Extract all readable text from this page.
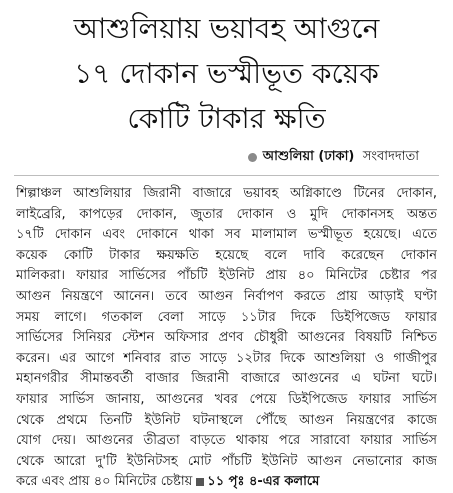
আশুলিয়ায় ভয়াবহ আগুনে
১৭ দোকান ভস্মীভূত কয়েক
কোটি টাকার ক্ষতি
আশুলিয়া (ঢাকা) সংবাদদাতা
শিল্পাঞ্চল আশুলিয়ার জিরানী বাজারে ভয়াবহ অগ্নিকাণ্ডে টিনের দোকান,
লাইব্রেরি, কাপড়ের দোকান, জুতার দোকান ও মুদি দোকানসহ অন্তত
১৭টি দোকান এবং দোকানে থাকা সব মালামাল ভস্মীভূত হয়েছে। এতে
কয়েক কোটি টাকার ক্ষয়ক্ষতি হয়েছে বলে দাবি করেছেন দোকান
মালিকরা। ফায়ার সার্ভিসের পাঁচটি ইউনিট প্রায় ৪০ মিনিটের চেষ্টার পর
আগুন নিয়ন্ত্রণে আনেন। তবে আগুন নির্বাপণ করতে প্রায় আড়াই ঘণ্টা
সময় লাগে। গতকাল বেলা সাড়ে ১১টার দিকে ডিইপিজেড ফায়ার
সার্ভিসের সিনিয়র স্টেশন অফিসার প্রণব চৌধুরী আগুনের বিষয়টি নিশ্চিত
করেন। এর আগে শনিবার রাত সাড়ে ১২টার দিকে আশুলিয়া ও গাজীপুর
মহানগরীর সীমান্তবর্তী বাজার জিরানী বাজারে আগুনের এ ঘটনা ঘটে।
ফায়ার সার্ভিস জানায়, আগুনের খবর পেয়ে ডিইপিজেড ফায়ার সার্ভিস
থেকে প্রথমে তিনটি ইউনিট ঘটনাস্থলে পৌঁছে আগুন নিয়ন্ত্রণের কাজে
যোগ দেয়। আগুনের তীব্রতা বাড়তে থাকায় পরে সারাবো ফায়ার সার্ভিস
থেকে আরো দু'টি ইউনিটসহ মোট পাঁচটি ইউনিট আগুন নেভানোর কাজ
করে এবং প্রায় ৪০ মিনিটের চেষ্টায় ১১ পৃঃ ৪-এর কলামে
